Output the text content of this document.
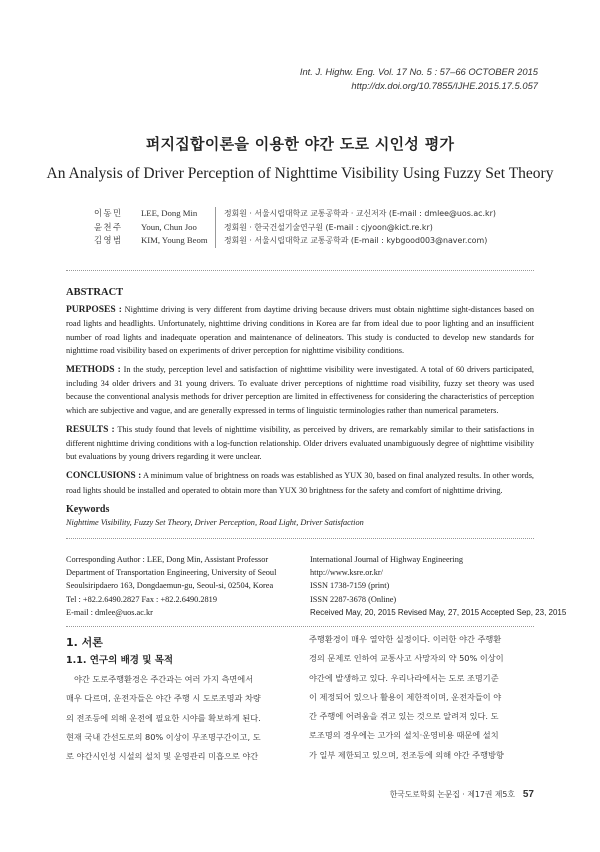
Int. J. Highw. Eng. Vol. 17 No. 5 : 57–66 OCTOBER 2015
http://dx.doi.org/10.7855/IJHE.2015.17.5.057
퍼지집합이론을 이용한 야간 도로 시인성 평가
An Analysis of Driver Perception of Nighttime Visibility Using Fuzzy Set Theory
이동민	LEE, Dong Min	정회원 · 서울시립대학교 교통공학과 · 교신저자 (E-mail : dmlee@uos.ac.kr)
윤천주	Youn, Chun Joo	정회원 · 한국건설기술연구원 (E-mail : cjyoon@kict.re.kr)
김영범	KIM, Young Beom	정회원 · 서울시립대학교 교통공학과 (E-mail : kybgood003@naver.com)
ABSTRACT

PURPOSES : Nighttime driving is very different from daytime driving because drivers must obtain nighttime sight-distances based on road lights and headlights. Unfortunately, nighttime driving conditions in Korea are far from ideal due to poor lighting and an insufficient number of road lights and inadequate operation and maintenance of delineators. This study is conducted to develop new standards for nighttime road visibility based on experiments of driver perception for nighttime visibility conditions.

METHODS : In the study, perception level and satisfaction of nighttime visibility were investigated. A total of 60 drivers participated, including 34 older drivers and 31 young drivers. To evaluate driver perceptions of nighttime road visibility, fuzzy set theory was used because the conventional analysis methods for driver perception are limited in effectiveness for considering the characteristics of perception which are subjective and vague, and are generally expressed in terms of linguistic terminologies rather than numerical parameters.

RESULTS : This study found that levels of nighttime visibility, as perceived by drivers, are remarkably similar to their satisfactions in different nighttime driving conditions with a log-function relationship. Older drivers evaluated unambiguously degree of nighttime visibility but evaluations by young drivers regarding it were unclear.

CONCLUSIONS : A minimum value of brightness on roads was established as YUX 30, based on final analyzed results. In other words, road lights should be installed and operated to obtain more than YUX 30 brightness for the safety and comfort of nighttime driving.

Keywords
Nighttime Visibility, Fuzzy Set Theory, Driver Perception, Road Light, Driver Satisfaction
Corresponding Author : LEE, Dong Min, Assistant Professor
Department of Transportation Engineering, University of Seoul
Seoulsiripdaero 163, Dongdaemun-gu, Seoul-si, 02504, Korea
Tel : +82.2.6490.2827 Fax : +82.2.6490.2819
E-mail : dmlee@uos.ac.kr
International Journal of Highway Engineering
http://www.ksre.or.kr/
ISSN 1738-7159 (print)
ISSN 2287-3678 (Online)
Received May, 20, 2015 Revised May, 27, 2015 Accepted Sep, 23, 2015
1. 서론
1.1. 연구의 배경 및 목적
야간 도로주행환경은 주간과는 여러 가지 측면에서
매우 다르며, 운전자들은 야간 주행 시 도로조명과 차량
의 전조등에 의해 운전에 필요한 시야를 확보하게 된다.
현재 국내 간선도로의 80% 이상이 무조명구간이고, 도
로 야간시인성 시설의 설치 및 운영관리 미흡으로 야간
주행환경이 매우 열악한 실정이다. 이러한 야간 주행환
경의 문제로 인하여 교통사고 사망자의 약 50% 이상이
야간에 발생하고 있다. 우리나라에서는 도로 조명기준
이 제정되어 있으나 활용이 제한적이며, 운전자들이 야
간 주행에 어려움을 겪고 있는 것으로 알려져 있다. 도
로조명의 경우에는 고가의 설치·운영비용 때문에 설치
가 일부 제한되고 있으며, 전조등에 의해 야간 주행방향
한국도로학회 논문집 · 제17권 제5호 57
